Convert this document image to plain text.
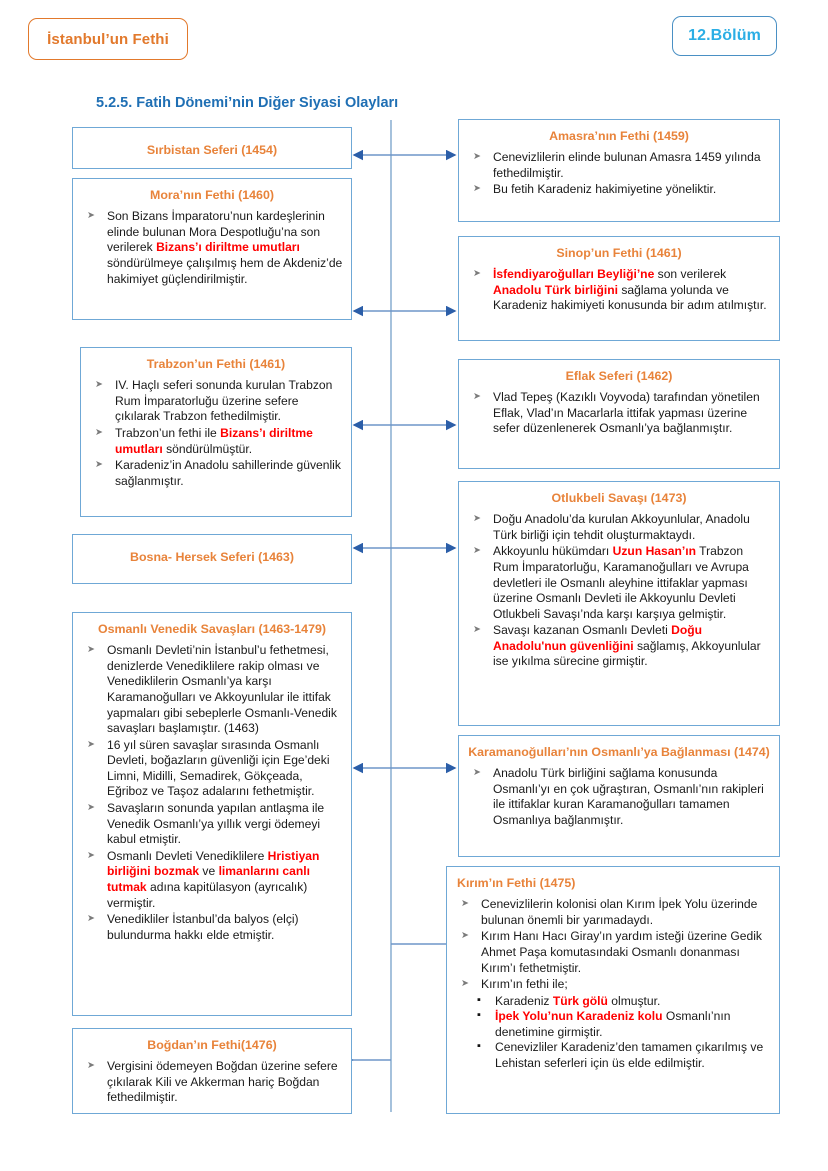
İstanbul’un Fethi	12.Bölüm
5.2.5. Fatih Dönemi’nin Diğer Siyasi Olayları
Sırbistan Seferi (1454)
Mora’nın Fethi (1460)
➤ Son Bizans İmparatoru’nun kardeşlerinin elinde bulunan Mora Despotluğu’na son verilerek Bizans’ı diriltme umutları söndürülmeye çalışılmış hem de Akdeniz’de hakimiyet güçlendirilmiştir.
Trabzon’un Fethi (1461)
➤ IV. Haçlı seferi sonunda kurulan Trabzon Rum İmparatorluğu üzerine sefere çıkılarak Trabzon fethedilmiştir.
➤ Trabzon’un fethi ile Bizans’ı diriltme umutları söndürülmüştür.
➤ Karadeniz’in Anadolu sahillerinde güvenlik sağlanmıştır.
Bosna- Hersek Seferi (1463)
Osmanlı Venedik Savaşları (1463-1479)
➤ Osmanlı Devleti’nin İstanbul’u fethetmesi, denizlerde Venediklilere rakip olması ve Venediklilerin Osmanlı’ya karşı Karamanoğulları ve Akkoyunlular ile ittifak yapmaları gibi sebeplerle Osmanlı-Venedik savaşları başlamıştır. (1463)
➤ 16 yıl süren savaşlar sırasında Osmanlı Devleti, boğazların güvenliği için Ege’deki Limni, Midilli, Semadirek, Gökçeada, Eğriboz ve Taşoz adalarını fethetmiştir.
➤ Savaşların sonunda yapılan antlaşma ile Venedik Osmanlı’ya yıllık vergi ödemeyi kabul etmiştir.
➤ Osmanlı Devleti Venediklilere Hristiyan birliğini bozmak ve limanlarını canlı tutmak adına kapitülasyon (ayrıcalık) vermiştir.
➤ Venedikliler İstanbul’da balyos (elçi) bulundurma hakkı elde etmiştir.
Boğdan’ın Fethi(1476)
➤ Vergisini ödemeyen Boğdan üzerine sefere çıkılarak Kili ve Akkerman hariç Boğdan fethedilmiştir.
Amasra’nın Fethi (1459)
➤ Cenevizlilerin elinde bulunan Amasra 1459 yılında fethedilmiştir.
➤ Bu fetih Karadeniz hakimiyetine yöneliktir.
Sinop’un Fethi (1461)
➤ İsfendiyaroğulları Beyliği’ne son verilerek Anadolu Türk birliğini sağlama yolunda ve Karadeniz hakimiyeti konusunda bir adım atılmıştır.
Eflak Seferi (1462)
➤ Vlad Tepeş (Kazıklı Voyvoda) tarafından yönetilen Eflak, Vlad’ın Macarlarla ittifak yapması üzerine sefer düzenlenerek Osmanlı’ya bağlanmıştır.
Otlukbeli Savaşı (1473)
➤ Doğu Anadolu’da kurulan Akkoyunlular, Anadolu Türk birliği için tehdit oluşturmaktaydı.
➤ Akkoyunlu hükümdarı Uzun Hasan’ın Trabzon Rum İmparatorluğu, Karamanoğulları ve Avrupa devletleri ile Osmanlı aleyhine ittifaklar yapması üzerine Osmanlı Devleti ile Akkoyunlu Devleti Otlukbeli Savaşı’nda karşı karşıya gelmiştir.
➤ Savaşı kazanan Osmanlı Devleti Doğu Anadolu'nun güvenliğini sağlamış, Akkoyunlular ise yıkılma sürecine girmiştir.
Karamanoğulları’nın Osmanlı’ya Bağlanması (1474)
➤ Anadolu Türk birliğini sağlama konusunda Osmanlı’yı en çok uğraştıran, Osmanlı’nın rakipleri ile ittifaklar kuran Karamanoğulları tamamen Osmanlıya bağlanmıştır.
Kırım’ın Fethi (1475)
➤ Cenevizlilerin kolonisi olan Kırım İpek Yolu üzerinde bulunan önemli bir yarımadaydı.
➤ Kırım Hanı Hacı Giray’ın yardım isteği üzerine Gedik Ahmet Paşa komutasındaki Osmanlı donanması Kırım’ı fethetmiştir.
➤ Kırım’ın fethi ile;
▪ Karadeniz Türk gölü olmuştur.
▪ İpek Yolu’nun Karadeniz kolu Osmanlı’nın denetimine girmiştir.
▪ Cenevizliler Karadeniz’den tamamen çıkarılmış ve Lehistan seferleri için üs elde edilmiştir.
